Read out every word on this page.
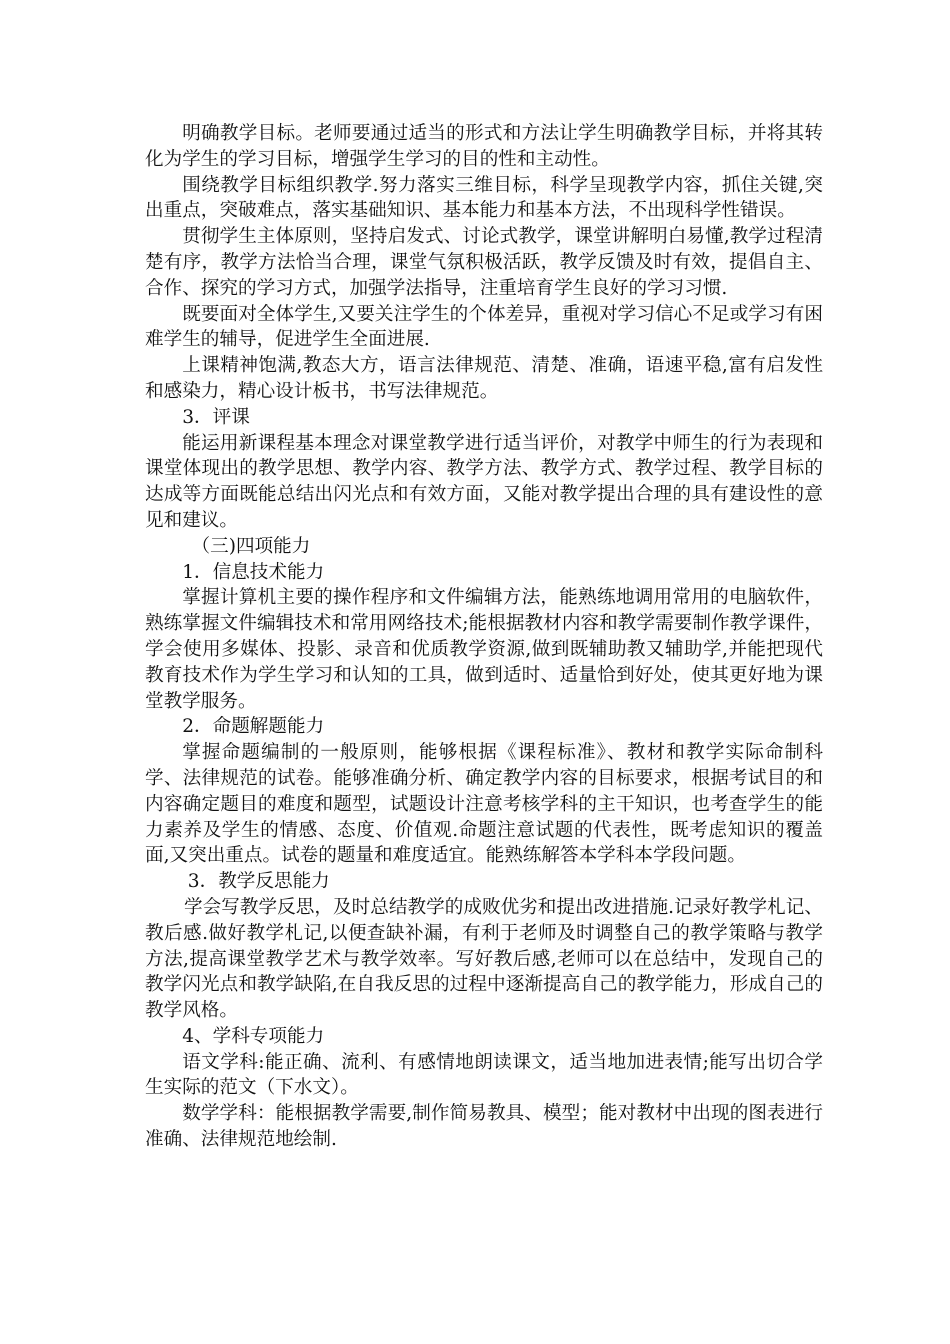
明确教学目标。老师要通过适当的形式和方法让学生明确教学目标，并将其转化为学生的学习目标，增强学生学习的目的性和主动性。

围绕教学目标组织教学.努力落实三维目标，科学呈现教学内容，抓住关键,突出重点，突破难点，落实基础知识、基本能力和基本方法，不出现科学性错误。

贯彻学生主体原则，坚持启发式、讨论式教学，课堂讲解明白易懂,教学过程清楚有序，教学方法恰当合理，课堂气氛积极活跃，教学反馈及时有效，提倡自主、合作、探究的学习方式，加强学法指导，注重培育学生良好的学习习惯.

既要面对全体学生,又要关注学生的个体差异，重视对学习信心不足或学习有困难学生的辅导，促进学生全面进展.

上课精神饱满,教态大方，语言法律规范、清楚、准确，语速平稳,富有启发性和感染力，精心设计板书，书写法律规范。

3．评课

能运用新课程基本理念对课堂教学进行适当评价，对教学中师生的行为表现和课堂体现出的教学思想、教学内容、教学方法、教学方式、教学过程、教学目标的达成等方面既能总结出闪光点和有效方面，又能对教学提出合理的具有建设性的意见和建议。

（三)四项能力

1．信息技术能力

掌握计算机主要的操作程序和文件编辑方法，能熟练地调用常用的电脑软件，熟练掌握文件编辑技术和常用网络技术;能根据教材内容和教学需要制作教学课件，学会使用多媒体、投影、录音和优质教学资源,做到既辅助教又辅助学,并能把现代教育技术作为学生学习和认知的工具，做到适时、适量恰到好处，使其更好地为课堂教学服务。

2．命题解题能力

掌握命题编制的一般原则，能够根据《课程标准》、教材和教学实际命制科学、法律规范的试卷。能够准确分析、确定教学内容的目标要求，根据考试目的和内容确定题目的难度和题型，试题设计注意考核学科的主干知识，也考查学生的能力素养及学生的情感、态度、价值观.命题注意试题的代表性，既考虑知识的覆盖面,又突出重点。试卷的题量和难度适宜。能熟练解答本学科本学段问题。

3．教学反思能力

学会写教学反思，及时总结教学的成败优劣和提出改进措施.记录好教学札记、教后感.做好教学札记,以便查缺补漏，有利于老师及时调整自己的教学策略与教学方法,提高课堂教学艺术与教学效率。写好教后感,老师可以在总结中，发现自己的教学闪光点和教学缺陷,在自我反思的过程中逐渐提高自己的教学能力，形成自己的教学风格。

4、学科专项能力

语文学科:能正确、流利、有感情地朗读课文，适当地加进表情;能写出切合学生实际的范文（下水文）。

数学学科：能根据教学需要,制作简易教具、模型；能对教材中出现的图表进行准确、法律规范地绘制.
